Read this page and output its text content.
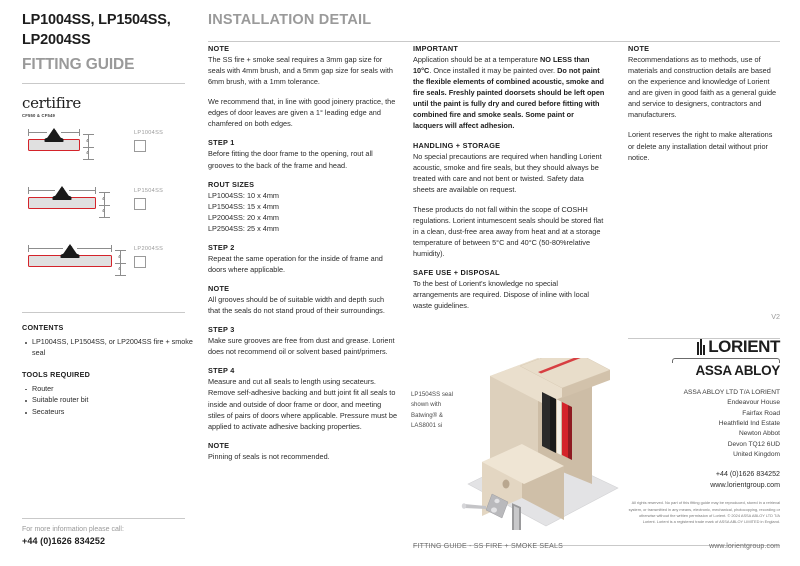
LP1004SS, LP1504SS, LP2004SS
FITTING GUIDE
certifire
CF550 & CF549
10
4
4
LP1004SS
15
4
4
LP1504SS
20
4
4
LP2004SS
CONTENTS
LP1004SS, LP1504SS, or LP2004SS fire + smoke seal
TOOLS REQUIRED
Router
Suitable router bit
Secateurs
For more information please call:
+44 (0)1626 834252
INSTALLATION DETAIL
NOTE

The SS fire + smoke seal requires a 3mm gap size for seals with 4mm brush, and a 5mm gap size for seals with 6mm brush, with a 1mm tolerance.

We recommend that, in line with good joinery practice, the edges of door leaves are given a 1° leading edge and chamfered on both edges.

STEP 1

Before fitting the door frame to the opening, rout all grooves to the back of the frame and head.

ROUT SIZES
LP1004SS: 10 x 4mm
LP1504SS: 15 x 4mm
LP2004SS: 20 x 4mm
LP2504SS: 25 x 4mm
STEP 2

Repeat the same operation for the inside of frame and doors where applicable.

NOTE

All grooves should be of suitable width and depth such that the seals do not stand proud of their surroundings.

STEP 3

Make sure grooves are free from dust and grease. Lorient does not recommend oil or solvent based paint/primers.

STEP 4

Measure and cut all seals to length using secateurs. Remove self-adhesive backing and butt joint fit all seals to inside and outside of door frame or door, and meeting stiles of pairs of doors where applicable. Pressure must be applied to activate adhesive backing properties.

NOTE

Pinning of seals is not recommended.

IMPORTANT

Application should be at a temperature NO LESS than 10°C. Once installed it may be painted over. Do not paint the flexible elements of combined acoustic, smoke and fire seals. Freshly painted doorsets should be left open until the paint is fully dry and cured before fitting with combined fire and smoke seals. Some paint or lacquers will affect adhesion.

HANDLING + STORAGE

No special precautions are required when handling Lorient acoustic, smoke and fire seals, but they should always be treated with care and not bent or twisted. Safety data sheets are available on request.

These products do not fall within the scope of COSHH regulations. Lorient intumescent seals should be stored flat in a clean, dust-free area away from heat and at a storage temperature of between 5°C and 40°C (50-80%relative humidity).

SAFE USE + DISPOSAL

To the best of Lorient's knowledge no special arrangements are required. Dispose of inline with local waste guidelines.

LP1504SS seal shown with Batwing® & LAS8001 si
NOTE

Recommendations as to methods, use of materials and construction details are based on the experience and knowledge of Lorient and are given in good faith as a general guide and service to designers, contractors and manufacturers.

Lorient reserves the right to make alterations or delete any installation detail without prior notice.

V2
LORIENT
ASSA ABLOY
ASSA ABLOY LTD T/A LORIENT
Endeavour House
Fairfax Road
Heathfield Ind Estate
Newton Abbot
Devon TQ12 6UD
United Kingdom
+44 (0)1626 834252
www.lorientgroup.com
All rights reserved. No part of this fitting guide may be reproduced, stored in a retrieval system, or transmitted in any means, electronic, mechanical, photocopying, recording or otherwise without the written permission of Lorient. © 2024 ASSA ABLOY LTD T/A Lorient. Lorient is a registered trade mark of ASSA ABLOY LIMITED in England.
FITTING GUIDE - SS FIRE + SMOKE SEALS	www.lorientgroup.com
